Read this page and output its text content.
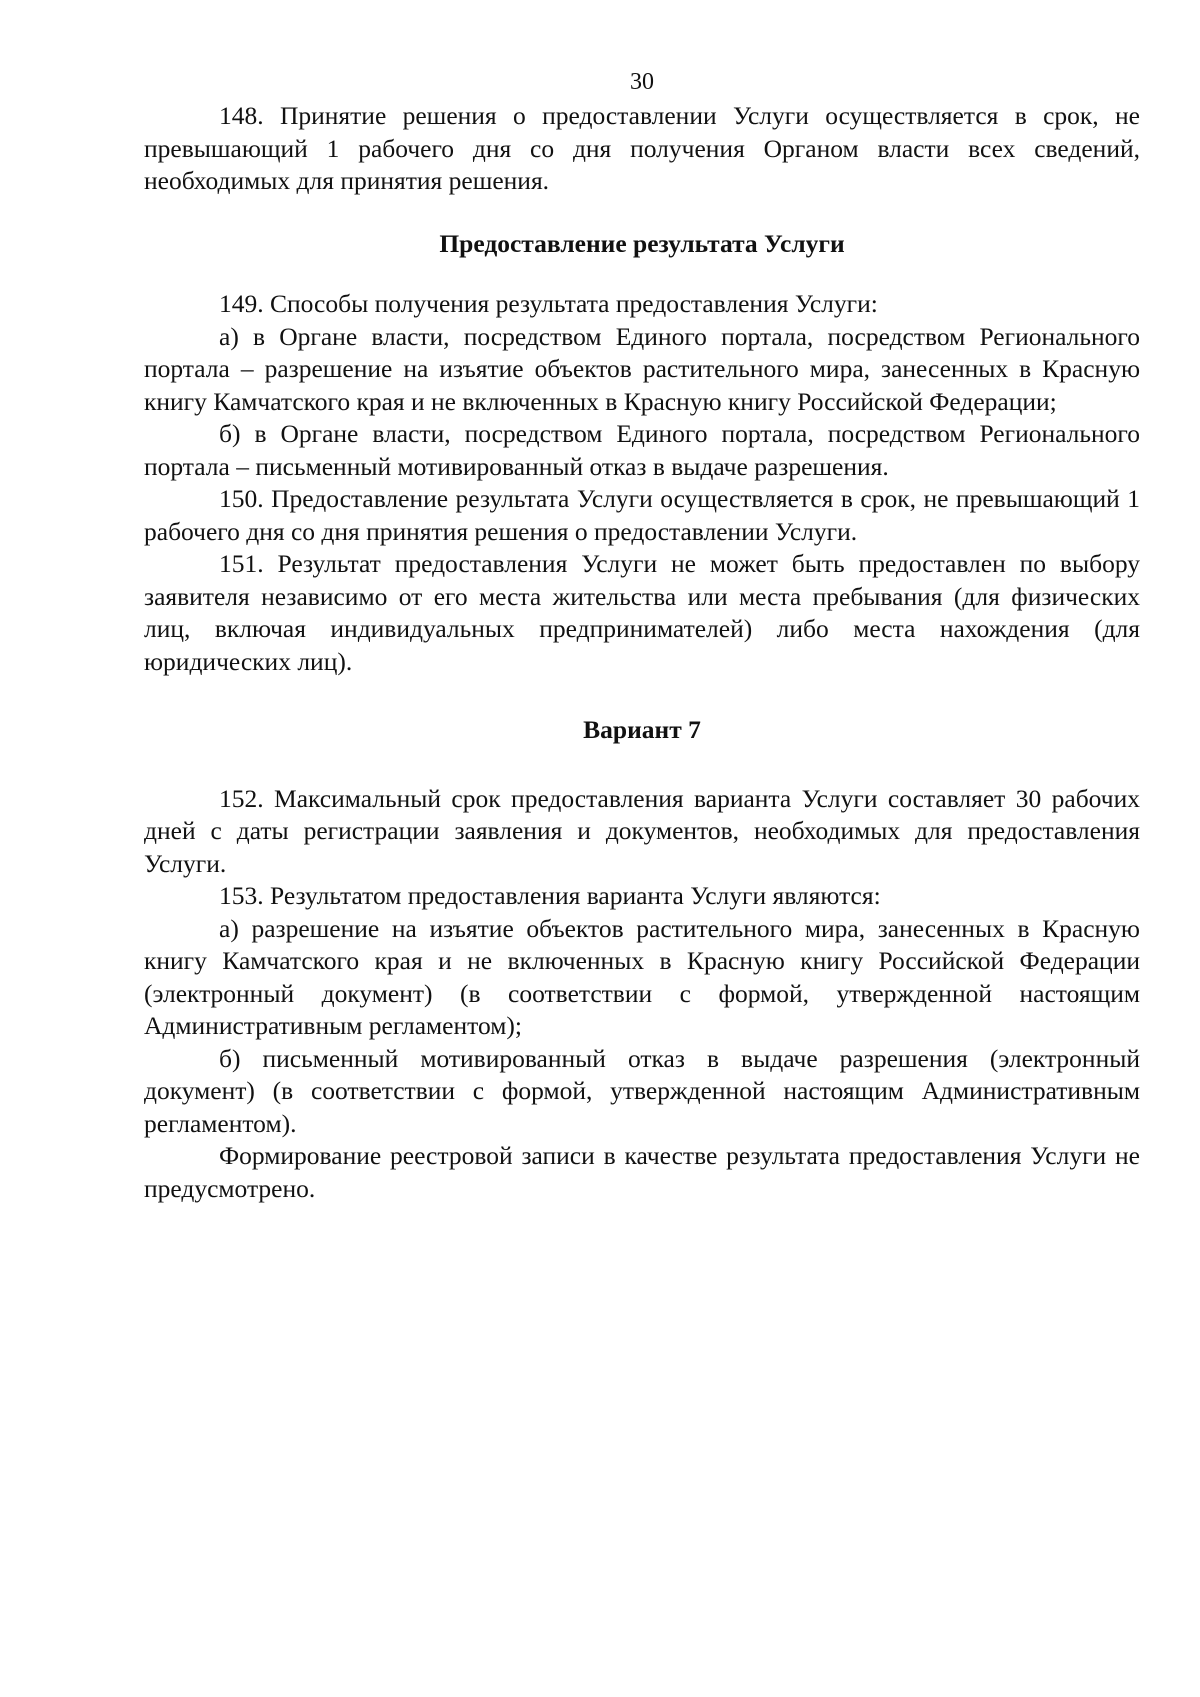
30

148. Принятие решения о предоставлении Услуги осуществляется в срок, не превышающий 1 рабочего дня со дня получения Органом власти всех сведений, необходимых для принятия решения.

Предоставление результата Услуги

149. Способы получения результата предоставления Услуги:

а) в Органе власти, посредством Единого портала, посредством Регионального портала – разрешение на изъятие объектов растительного мира, занесенных в Красную книгу Камчатского края и не включенных в Красную книгу Российской Федерации;

б) в Органе власти, посредством Единого портала, посредством Регионального портала – письменный мотивированный отказ в выдаче разрешения.

150. Предоставление результата Услуги осуществляется в срок, не превышающий 1 рабочего дня со дня принятия решения о предоставлении Услуги.

151. Результат предоставления Услуги не может быть предоставлен по выбору заявителя независимо от его места жительства или места пребывания (для физических лиц, включая индивидуальных предпринимателей) либо места нахождения (для юридических лиц).

Вариант 7

152. Максимальный срок предоставления варианта Услуги составляет 30 рабочих дней с даты регистрации заявления и документов, необходимых для предоставления Услуги.

153. Результатом предоставления варианта Услуги являются:

а) разрешение на изъятие объектов растительного мира, занесенных в Красную книгу Камчатского края и не включенных в Красную книгу Российской Федерации (электронный документ) (в соответствии с формой, утвержденной настоящим Административным регламентом);

б) письменный мотивированный отказ в выдаче разрешения (электронный документ) (в соответствии с формой, утвержденной настоящим Административным регламентом).

Формирование реестровой записи в качестве результата предоставления Услуги не предусмотрено.
